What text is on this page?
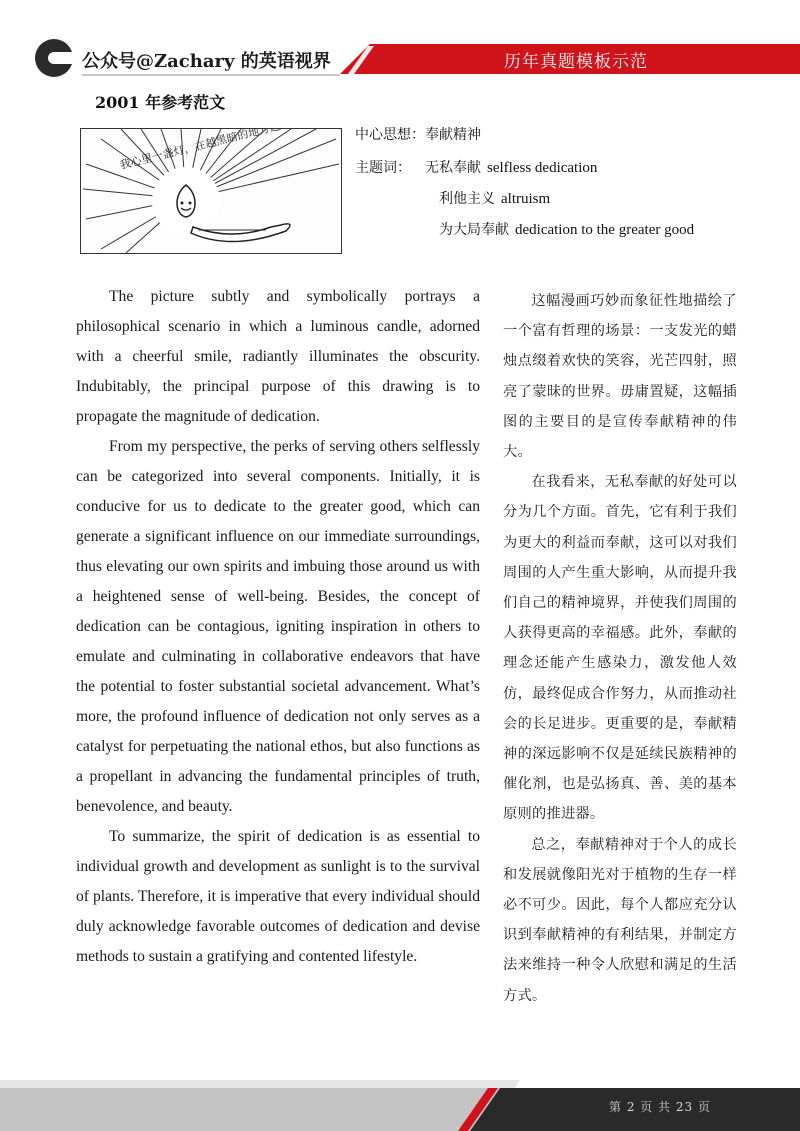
公众号@Zachary 的英语视界	历年真题模板示范
2001 年参考范文
中心思想：奉献精神
主题词： 无私奉献 selfless dedication
利他主义 altruism
为大局奉献 dedication to the greater good

The picture subtly and symbolically portrays a philosophical scenario in which a luminous candle, adorned with a cheerful smile, radiantly illuminates the obscurity. Indubitably, the principal purpose of this drawing is to propagate the magnitude of dedication.

From my perspective, the perks of serving others selflessly can be categorized into several components. Initially, it is conducive for us to dedicate to the greater good, which can generate a significant influence on our immediate surroundings, thus elevating our own spirits and imbuing those around us with a heightened sense of well-being. Besides, the concept of dedication can be contagious, igniting inspiration in others to emulate and culminating in collaborative endeavors that have the potential to foster substantial societal advancement. What’s more, the profound influence of dedication not only serves as a catalyst for perpetuating the national ethos, but also functions as a propellant in advancing the fundamental principles of truth, benevolence, and beauty.

To summarize, the spirit of dedication is as essential to individual growth and development as sunlight is to the survival of plants. Therefore, it is imperative that every individual should duly acknowledge favorable outcomes of dedication and devise methods to sustain a gratifying and contented lifestyle.

这幅漫画巧妙而象征性地描绘了一个富有哲理的场景：一支发光的蜡烛点缀着欢快的笑容，光芒四射，照亮了蒙昧的世界。毋庸置疑，这幅插图的主要目的是宣传奉献精神的伟大。

在我看来，无私奉献的好处可以分为几个方面。首先，它有利于我们为更大的利益而奉献，这可以对我们周围的人产生重大影响，从而提升我们自己的精神境界，并使我们周围的人获得更高的幸福感。此外，奉献的理念还能产生感染力，激发他人效仿，最终促成合作努力，从而推动社会的长足进步。更重要的是，奉献精神的深远影响不仅是延续民族精神的催化剂，也是弘扬真、善、美的基本原则的推进器。

总之，奉献精神对于个人的成长和发展就像阳光对于植物的生存一样必不可少。因此，每个人都应充分认识到奉献精神的有利结果，并制定方法来维持一种令人欣慰和满足的生活方式。

第 2 页 共 23 页
